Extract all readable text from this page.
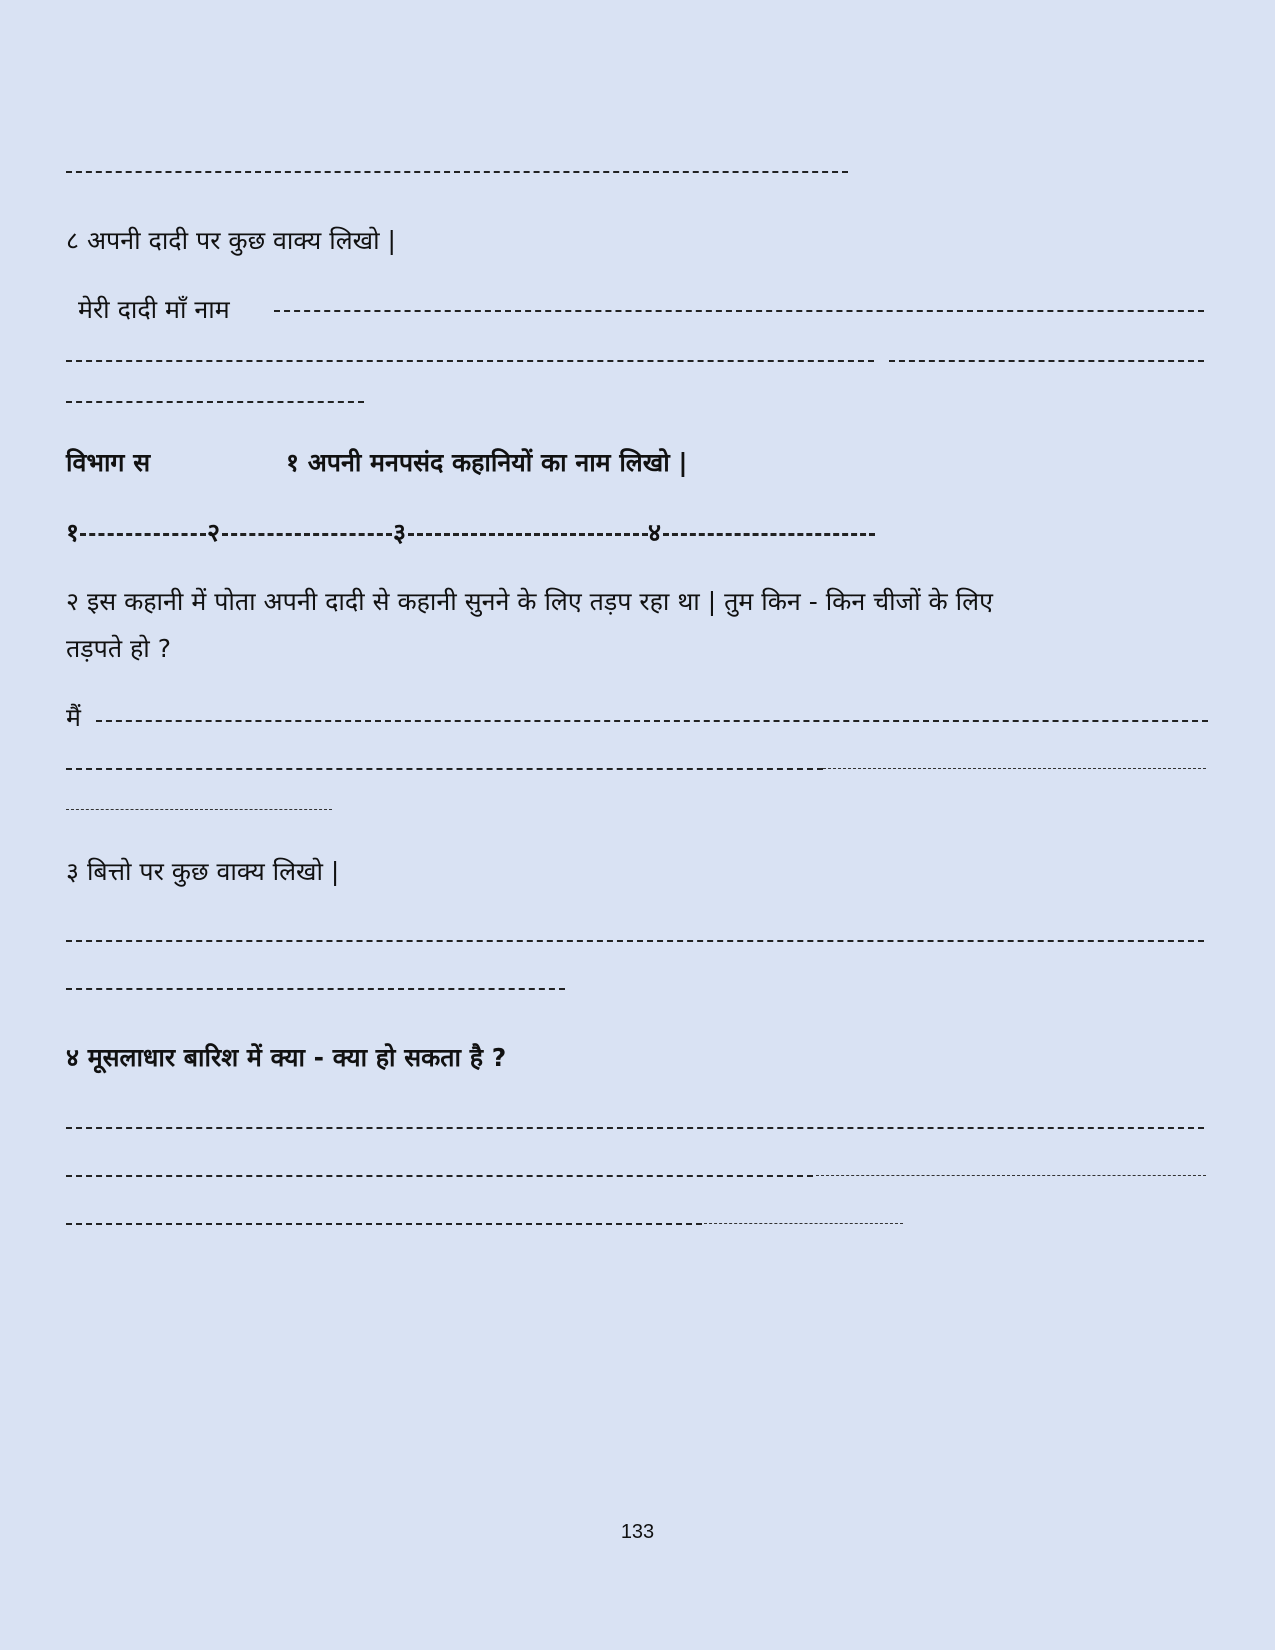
८ अपनी दादी पर कुछ वाक्य लिखो |
मेरी दादी माँ नाम
विभाग स	१ अपनी मनपसंद कहानियों का नाम लिखो |
१	२	३	४
२ इस कहानी में पोता अपनी दादी से कहानी सुनने के लिए तड़प रहा था | तुम किन - किन चीजों के लिए
तड़पते हो ?
मैं
३ बित्तो पर कुछ वाक्य लिखो |
४ मूसलाधार बारिश में क्या - क्या हो सकता है ?
133
